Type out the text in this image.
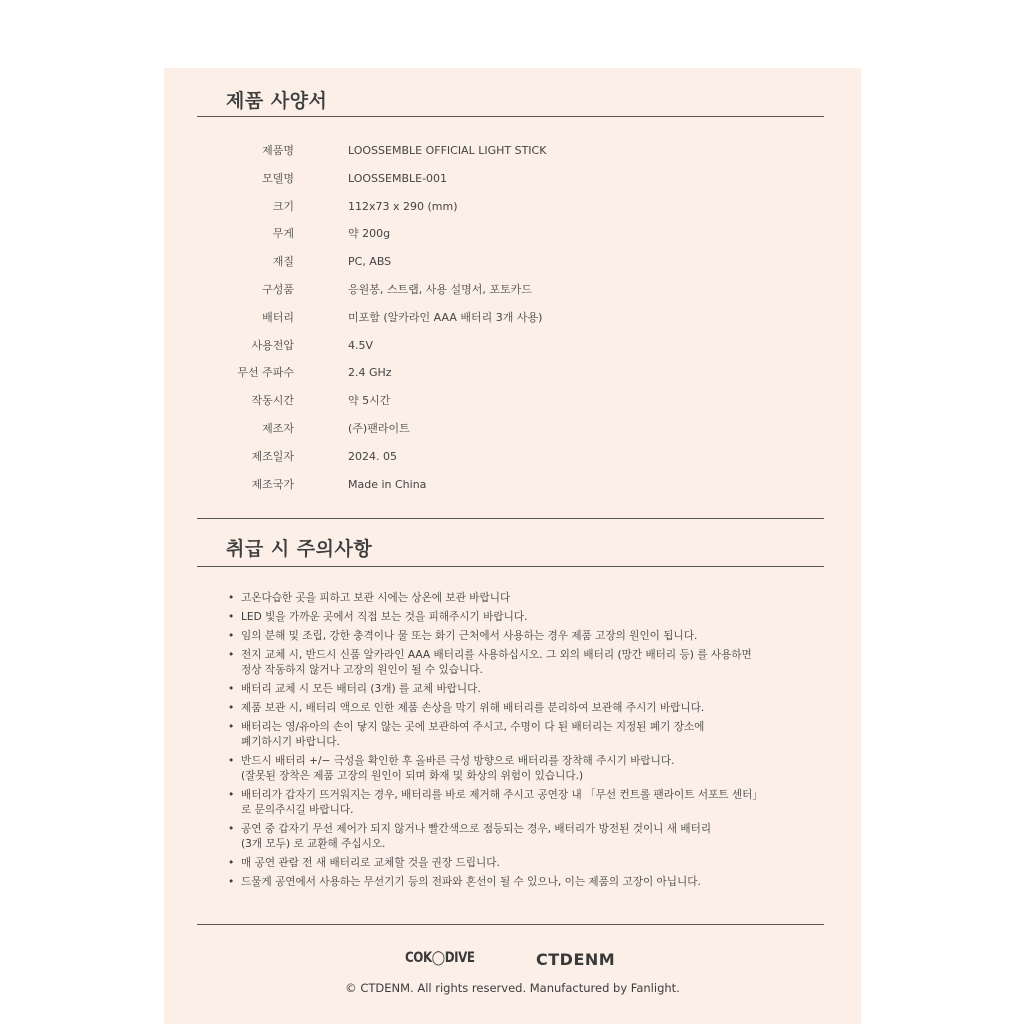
제품 사양서
제품명	LOOSSEMBLE OFFICIAL LIGHT STICK
모델명	LOOSSEMBLE-001
크기	112x73 x 290 (mm)
무게	약 200g
재질	PC, ABS
구성품	응원봉, 스트랩, 사용 설명서, 포토카드
배터리	미포함 (알카라인 AAA 배터리 3개 사용)
사용전압	4.5V
무선 주파수	2.4 GHz
작동시간	약 5시간
제조자	(주)팬라이트
제조일자	2024. 05
제조국가	Made in China
취급 시 주의사항
• 고온다습한 곳을 피하고 보관 시에는 상온에 보관 바랍니다
• LED 빛을 가까운 곳에서 직접 보는 것을 피해주시기 바랍니다.
• 임의 분해 및 조립, 강한 충격이나 물 또는 화기 근처에서 사용하는 경우 제품 고장의 원인이 됩니다.
• 전지 교체 시, 반드시 신품 알카라인 AAA 배터리를 사용하십시오. 그 외의 배터리 (망간 배터리 등) 를 사용하면
정상 작동하지 않거나 고장의 원인이 될 수 있습니다.
• 배터리 교체 시 모든 배터리 (3개) 를 교체 바랍니다.
• 제품 보관 시, 배터리 액으로 인한 제품 손상을 막기 위해 배터리를 분리하여 보관해 주시기 바랍니다.
• 배터리는 영/유아의 손이 닿지 않는 곳에 보관하여 주시고, 수명이 다 된 배터리는 지정된 폐기 장소에
폐기하시기 바랍니다.
• 반드시 배터리 +/− 극성을 확인한 후 올바른 극성 방향으로 배터리를 장착해 주시기 바랍니다.
(잘못된 장착은 제품 고장의 원인이 되며 화재 및 화상의 위험이 있습니다.)
• 배터리가 갑자기 뜨거워지는 경우, 배터리를 바로 제거해 주시고 공연장 내 「무선 컨트롤 팬라이트 서포트 센터」
로 문의주시길 바랍니다.
• 공연 중 갑자기 무선 제어가 되지 않거나 빨간색으로 점등되는 경우, 배터리가 방전된 것이니 새 배터리
(3개 모두) 로 교환해 주십시오.
• 매 공연 관람 전 새 배터리로 교체할 것을 권장 드립니다.
• 드물게 공연에서 사용하는 무선기기 등의 전파와 혼선이 될 수 있으나, 이는 제품의 고장이 아닙니다.
COK◯DIVE	CTDENM
© CTDENM. All rights reserved. Manufactured by Fanlight.
